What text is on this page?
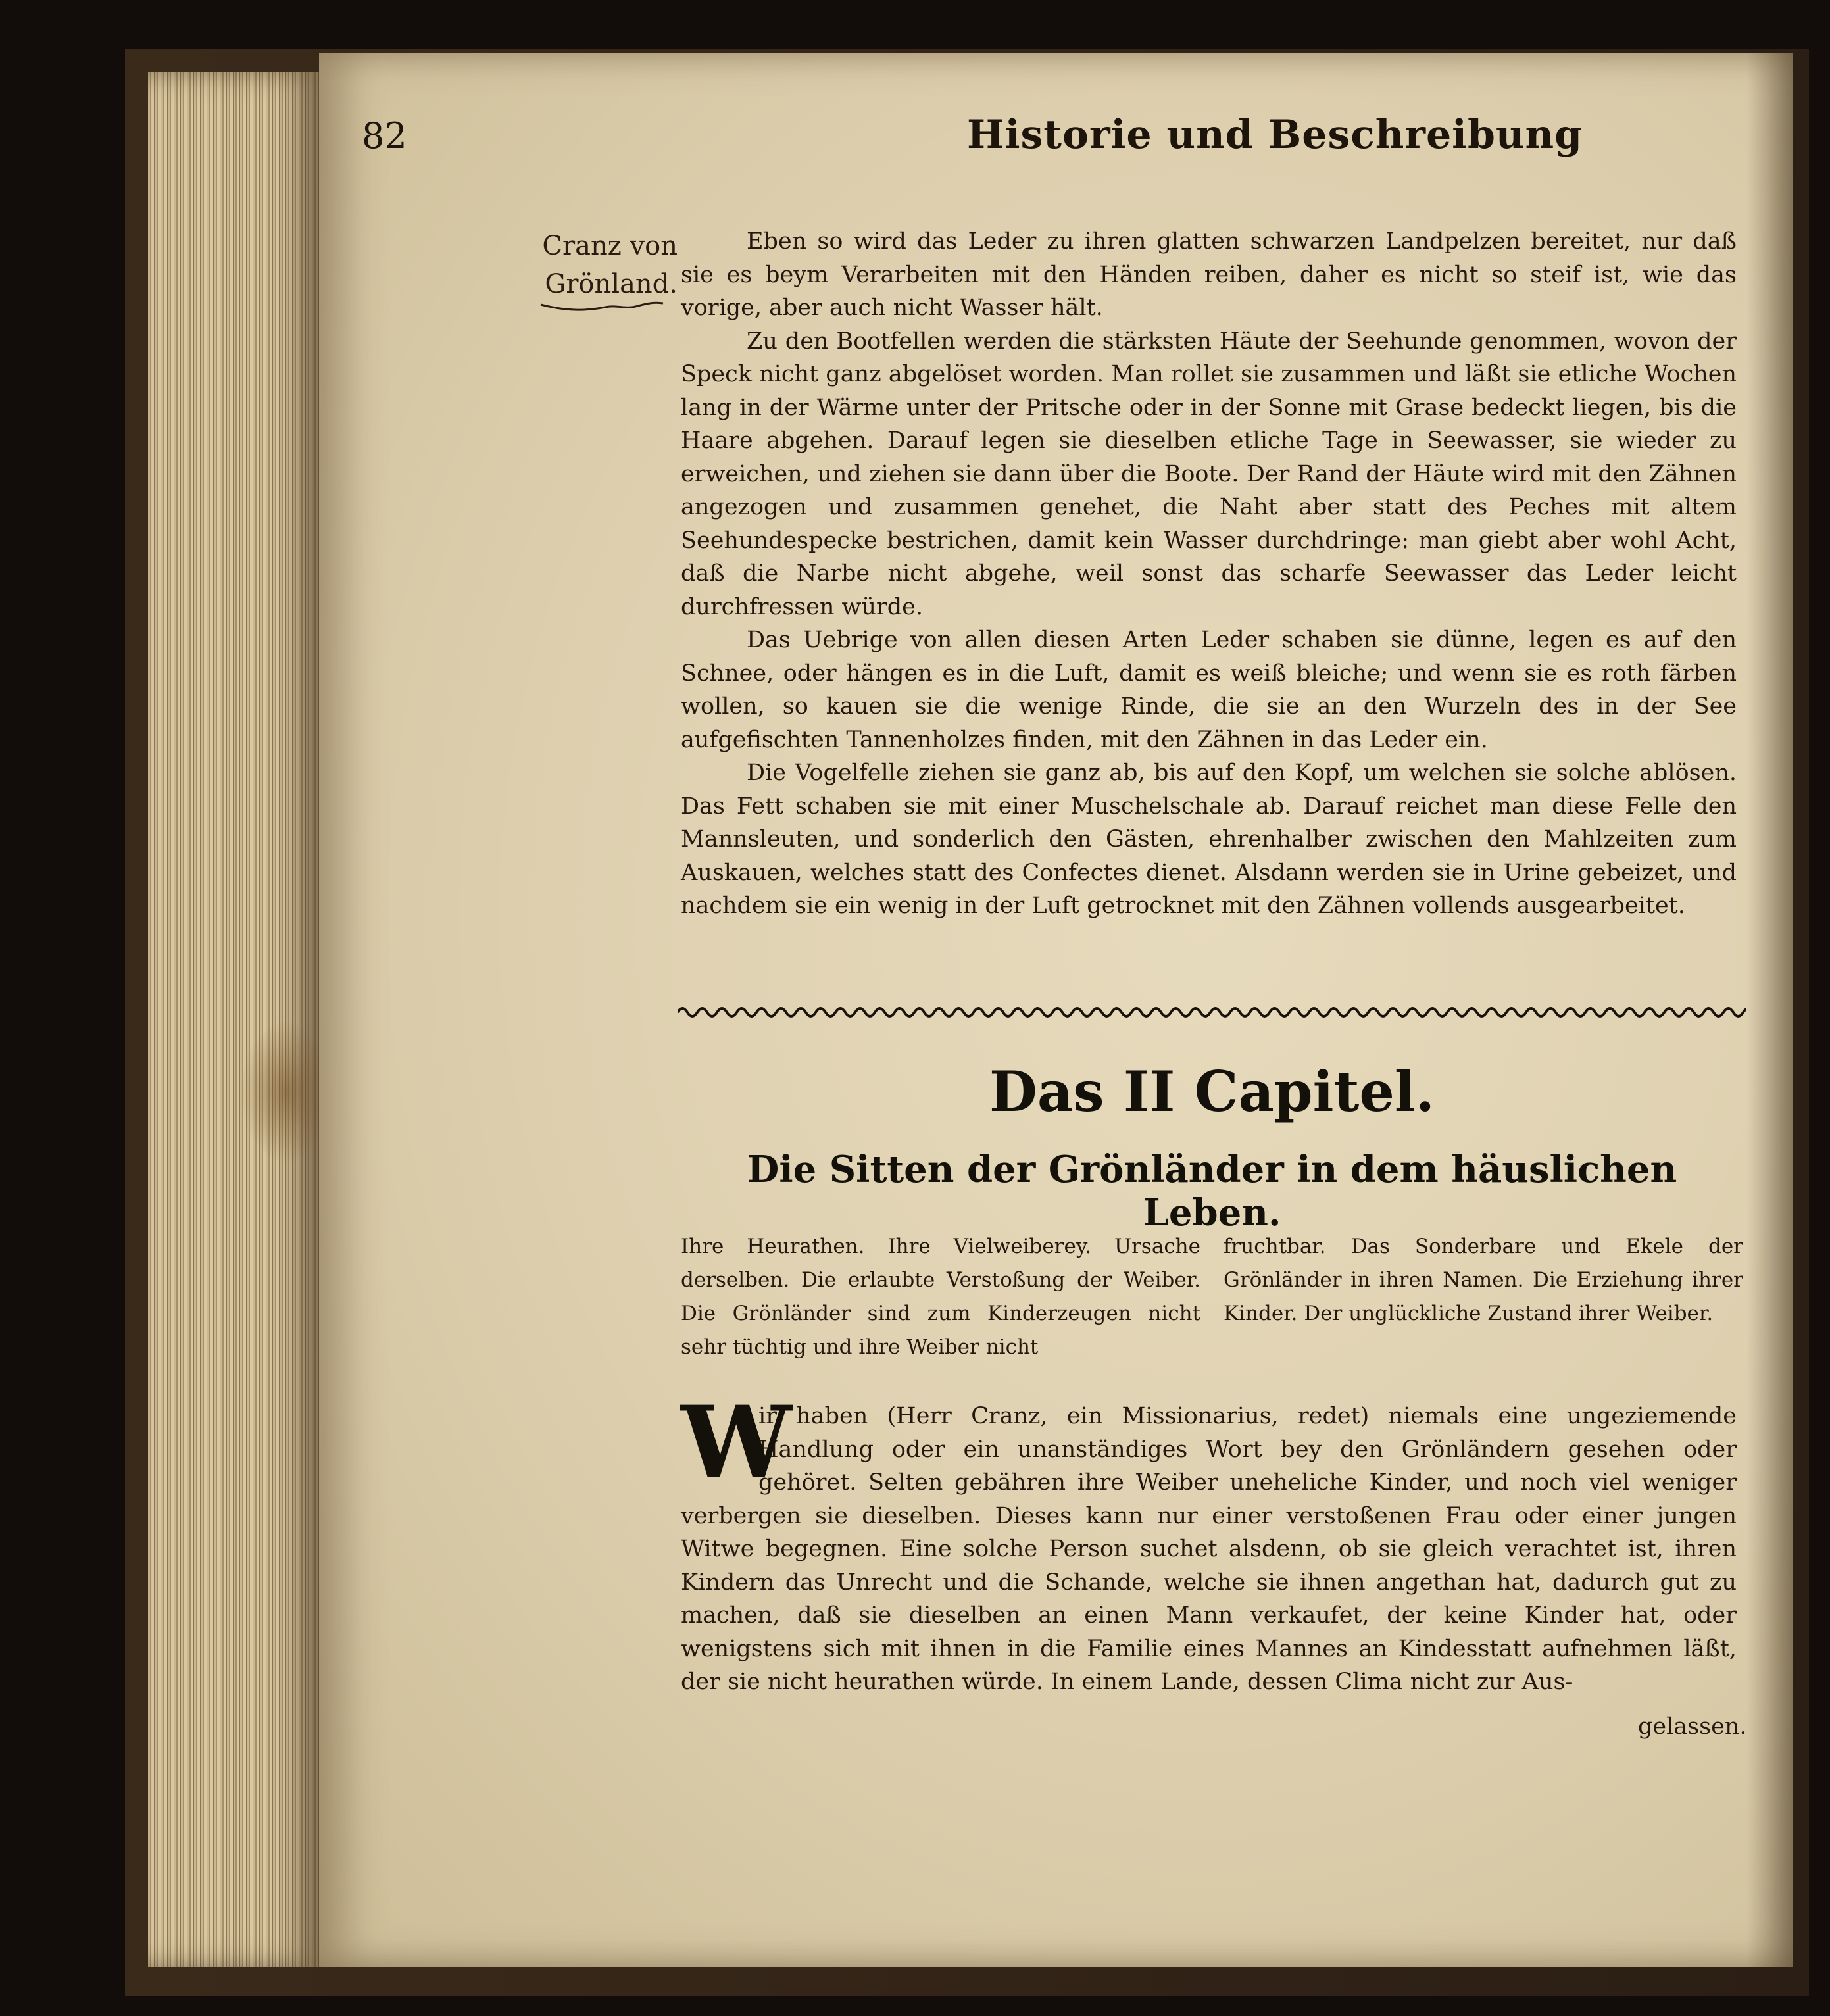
82	Historie und Beschreibung
Cranz von Grönland.

Eben so wird das Leder zu ihren glatten schwarzen Landpelzen bereitet, nur daß sie es beym Verarbeiten mit den Händen reiben, daher es nicht so steif ist, wie das vorige, aber auch nicht Wasser hält.

Zu den Bootfellen werden die stärksten Häute der Seehunde genommen, wovon der Speck nicht ganz abgelöset worden. Man rollet sie zusammen und läßt sie etliche Wochen lang in der Wärme unter der Pritsche oder in der Sonne mit Grase bedeckt liegen, bis die Haare abgehen. Darauf legen sie dieselben etliche Tage in Seewasser, sie wieder zu erweichen, und ziehen sie dann über die Boote. Der Rand der Häute wird mit den Zähnen angezogen und zusammen genehet, die Naht aber statt des Peches mit altem Seehundespecke bestrichen, damit kein Wasser durchdringe: man giebt aber wohl Acht, daß die Narbe nicht abgehe, weil sonst das scharfe Seewasser das Leder leicht durchfressen würde.

Das Uebrige von allen diesen Arten Leder schaben sie dünne, legen es auf den Schnee, oder hängen es in die Luft, damit es weiß bleiche; und wenn sie es roth färben wollen, so kauen sie die wenige Rinde, die sie an den Wurzeln des in der See aufgefischten Tannenholzes finden, mit den Zähnen in das Leder ein.

Die Vogelfelle ziehen sie ganz ab, bis auf den Kopf, um welchen sie solche ablösen. Das Fett schaben sie mit einer Muschelschale ab. Darauf reichet man diese Felle den Mannsleuten, und sonderlich den Gästen, ehrenhalber zwischen den Mahlzeiten zum Auskauen, welches statt des Confectes dienet. Alsdann werden sie in Urine gebeizet, und nachdem sie ein wenig in der Luft getrocknet mit den Zähnen vollends ausgearbeitet.

Das II Capitel.
Die Sitten der Grönländer in dem häuslichen Leben.
Ihre Heurathen. Ihre Vielweiberey. Ursache derselben. Die erlaubte Verstoßung der Weiber. Die Grönländer sind zum Kinderzeugen nicht sehr tüchtig und ihre Weiber nicht
fruchtbar. Das Sonderbare und Ekele der Grönländer in ihren Namen. Die Erziehung ihrer Kinder. Der unglückliche Zustand ihrer Weiber.
ir haben (Herr Cranz, ein Missionarius, redet) niemals eine ungeziemende Handlung oder ein unanständiges Wort bey den Grönländern gesehen oder gehöret. Selten gebähren ihre Weiber uneheliche Kinder, und noch viel weniger verbergen sie dieselben. Dieses kann nur einer verstoßenen Frau oder einer jungen Witwe begegnen. Eine solche Person suchet alsdenn, ob sie gleich verachtet ist, ihren Kindern das Unrecht und die Schande, welche sie ihnen angethan hat, dadurch gut zu machen, daß sie dieselben an einen Mann verkaufet, der keine Kinder hat, oder wenigstens sich mit ihnen in die Familie eines Mannes an Kindesstatt aufnehmen läßt, der sie nicht heurathen würde. In einem Lande, dessen Clima nicht zur Aus-
W
gelassen.
